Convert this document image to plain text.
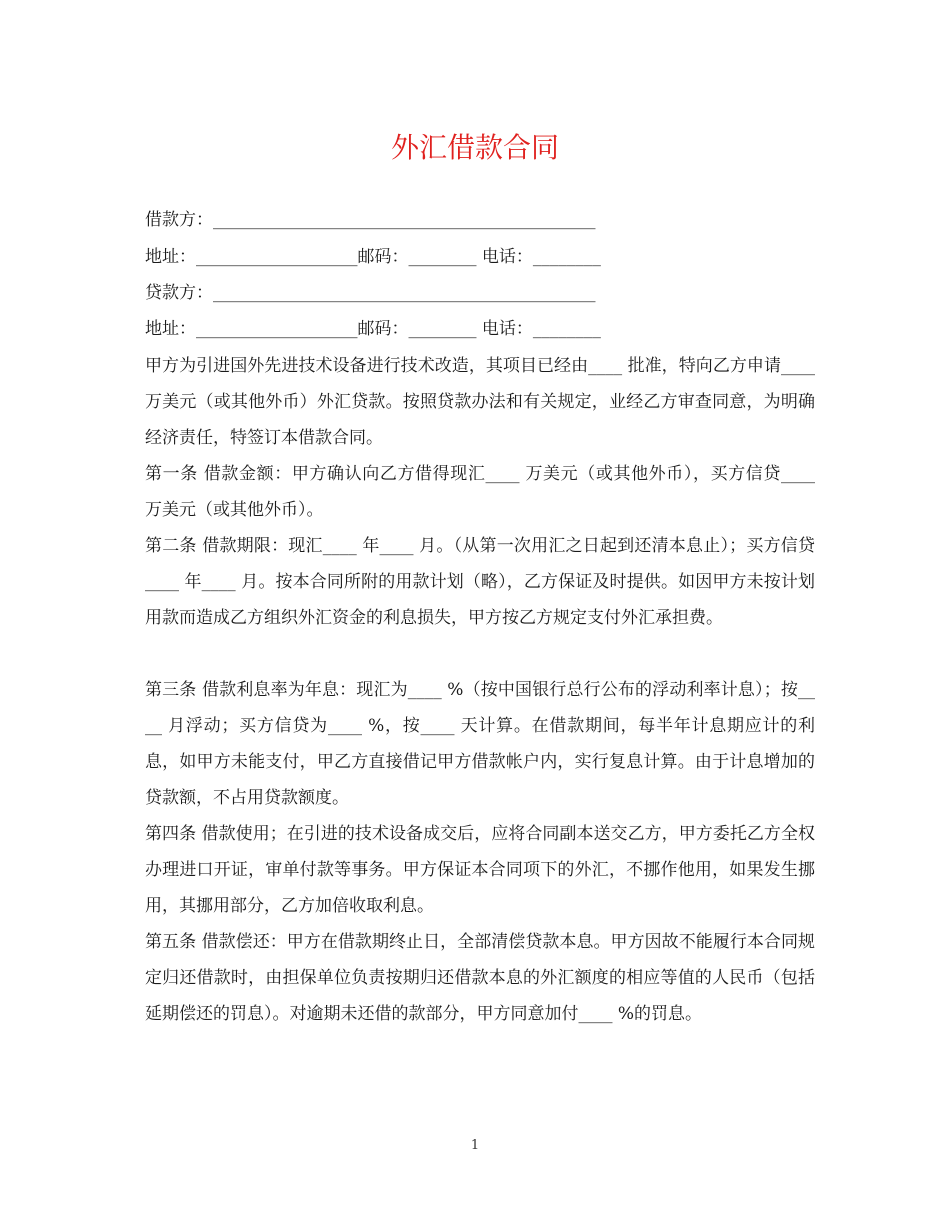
外汇借款合同
借款方：_____________________________________________
地址：___________________邮码：________ 电话：________
贷款方：_____________________________________________
地址：___________________邮码：________ 电话：________
甲方为引进国外先进技术设备进行技术改造，其项目已经由____ 批准，特向乙方申请____ 万美元（或其他外币）外汇贷款。按照贷款办法和有关规定，业经乙方审查同意，为明确经济责任，特签订本借款合同。
第一条 借款金额：甲方确认向乙方借得现汇____ 万美元（或其他外币），买方信贷____ 万美元（或其他外币）。
第二条 借款期限：现汇____ 年____ 月。（从第一次用汇之日起到还清本息止）；买方信贷____ 年____ 月。按本合同所附的用款计划（略），乙方保证及时提供。如因甲方未按计划用款而造成乙方组织外汇资金的利息损失，甲方按乙方规定支付外汇承担费。
第三条 借款利息率为年息：现汇为____ %（按中国银行总行公布的浮动利率计息）；按____ 月浮动；买方信贷为____ %，按____ 天计算。在借款期间，每半年计息期应计的利息，如甲方未能支付，甲乙方直接借记甲方借款帐户内，实行复息计算。由于计息增加的贷款额，不占用贷款额度。
第四条 借款使用；在引进的技术设备成交后，应将合同副本送交乙方，甲方委托乙方全权办理进口开证，审单付款等事务。甲方保证本合同项下的外汇，不挪作他用，如果发生挪用，其挪用部分，乙方加倍收取利息。
第五条 借款偿还：甲方在借款期终止日，全部清偿贷款本息。甲方因故不能履行本合同规定归还借款时，由担保单位负责按期归还借款本息的外汇额度的相应等值的人民币（包括延期偿还的罚息）。对逾期未还借的款部分，甲方同意加付____ %的罚息。
1
